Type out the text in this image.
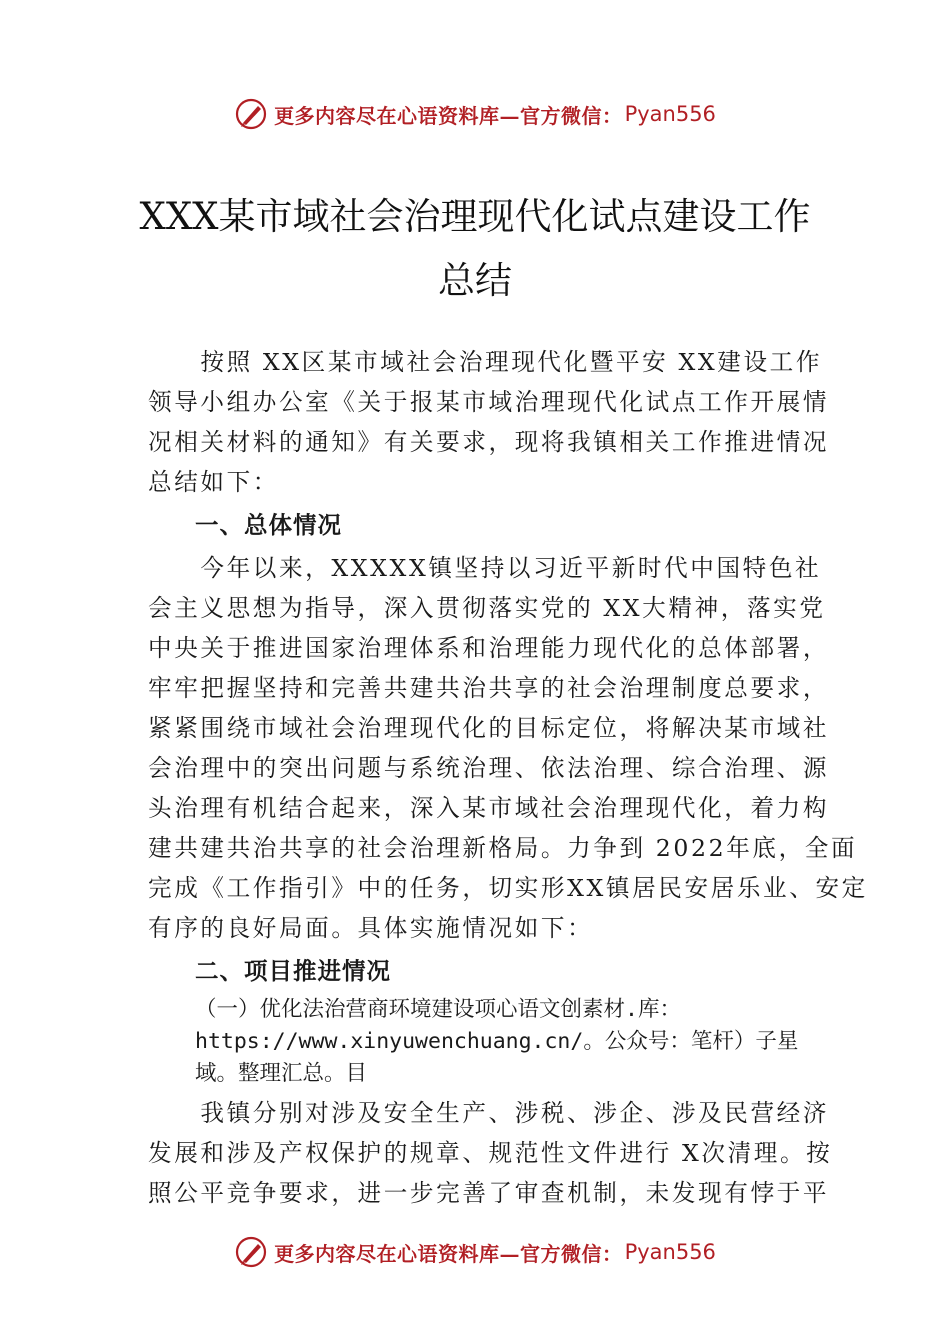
更多内容尽在心语资料库—官方微信： Pyan556
XXX某市域社会治理现代化试点建设工作
总结
　　按照 XX区某市域社会治理现代化暨平安 XX建设工作
领导小组办公室《关于报某市域治理现代化试点工作开展情
况相关材料的通知》有关要求，现将我镇相关工作推进情况
总结如下：
一、总体情况
　　今年以来，XXXXX镇坚持以习近平新时代中国特色社
会主义思想为指导，深入贯彻落实党的 XX大精神，落实党
中央关于推进国家治理体系和治理能力现代化的总体部署，
牢牢把握坚持和完善共建共治共享的社会治理制度总要求，
紧紧围绕市域社会治理现代化的目标定位，将解决某市域社
会治理中的突出问题与系统治理、依法治理、综合治理、源
头治理有机结合起来，深入某市域社会治理现代化，着力构
建共建共治共享的社会治理新格局。力争到 2022年底，全面
完成《工作指引》中的任务，切实形XX镇居民安居乐业、安定
有序的良好局面。具体实施情况如下：
二、项目推进情况
（一）优化法治营商环境建设项心语文创素材.库：
https://www.xinyuwenchuang.cn/。公众号：笔杆）子星
域。整理汇总。目
　　我镇分别对涉及安全生产、涉税、涉企、涉及民营经济
发展和涉及产权保护的规章、规范性文件进行 X次清理。按
照公平竞争要求，进一步完善了审查机制，未发现有悖于平
更多内容尽在心语资料库—官方微信： Pyan556
